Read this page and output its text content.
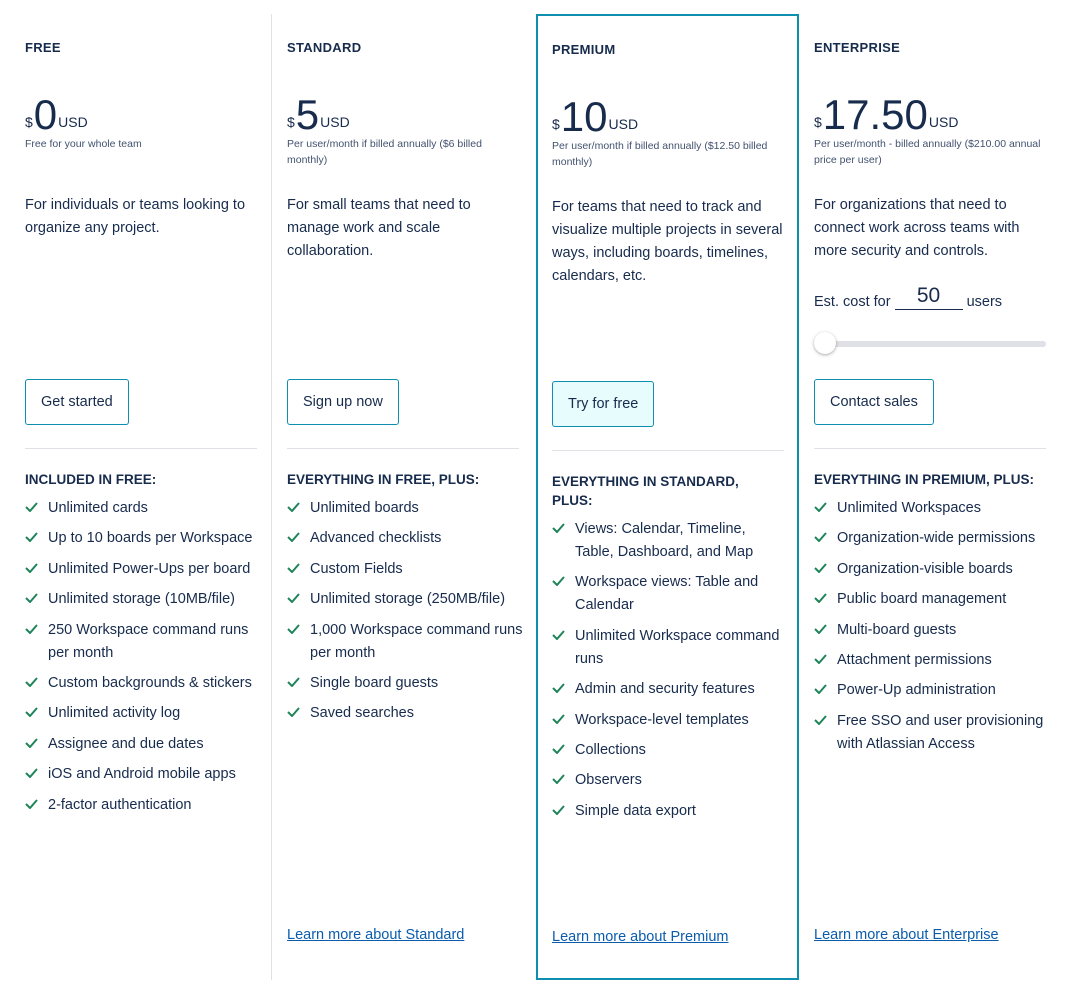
FREE
$ 0 USD
Free for your whole team
For individuals or teams looking to organize any project.
Get started
INCLUDED IN FREE:
Unlimited cards
Up to 10 boards per Workspace
Unlimited Power-Ups per board
Unlimited storage (10MB/file)
250 Workspace command runs per month
Custom backgrounds & stickers
Unlimited activity log
Assignee and due dates
iOS and Android mobile apps
2-factor authentication
STANDARD
$ 5 USD
Per user/month if billed annually ($6 billed monthly)
For small teams that need to manage work and scale collaboration.
Sign up now
EVERYTHING IN FREE, PLUS:
Unlimited boards
Advanced checklists
Custom Fields
Unlimited storage (250MB/file)
1,000 Workspace command runs per month
Single board guests
Saved searches
Learn more about Standard
PREMIUM
$ 10 USD
Per user/month if billed annually ($12.50 billed monthly)
For teams that need to track and visualize multiple projects in several ways, including boards, timelines, calendars, etc.
Try for free
EVERYTHING IN STANDARD, PLUS:
Views: Calendar, Timeline, Table, Dashboard, and Map
Workspace views: Table and Calendar
Unlimited Workspace command runs
Admin and security features
Workspace-level templates
Collections
Observers
Simple data export
Learn more about Premium
ENTERPRISE
$ 17.50 USD
Per user/month - billed annually ($210.00 annual price per user)
For organizations that need to connect work across teams with more security and controls.
Est. cost for	50	users
Contact sales
EVERYTHING IN PREMIUM, PLUS:
Unlimited Workspaces
Organization-wide permissions
Organization-visible boards
Public board management
Multi-board guests
Attachment permissions
Power-Up administration
Free SSO and user provisioning with Atlassian Access
Learn more about Enterprise
